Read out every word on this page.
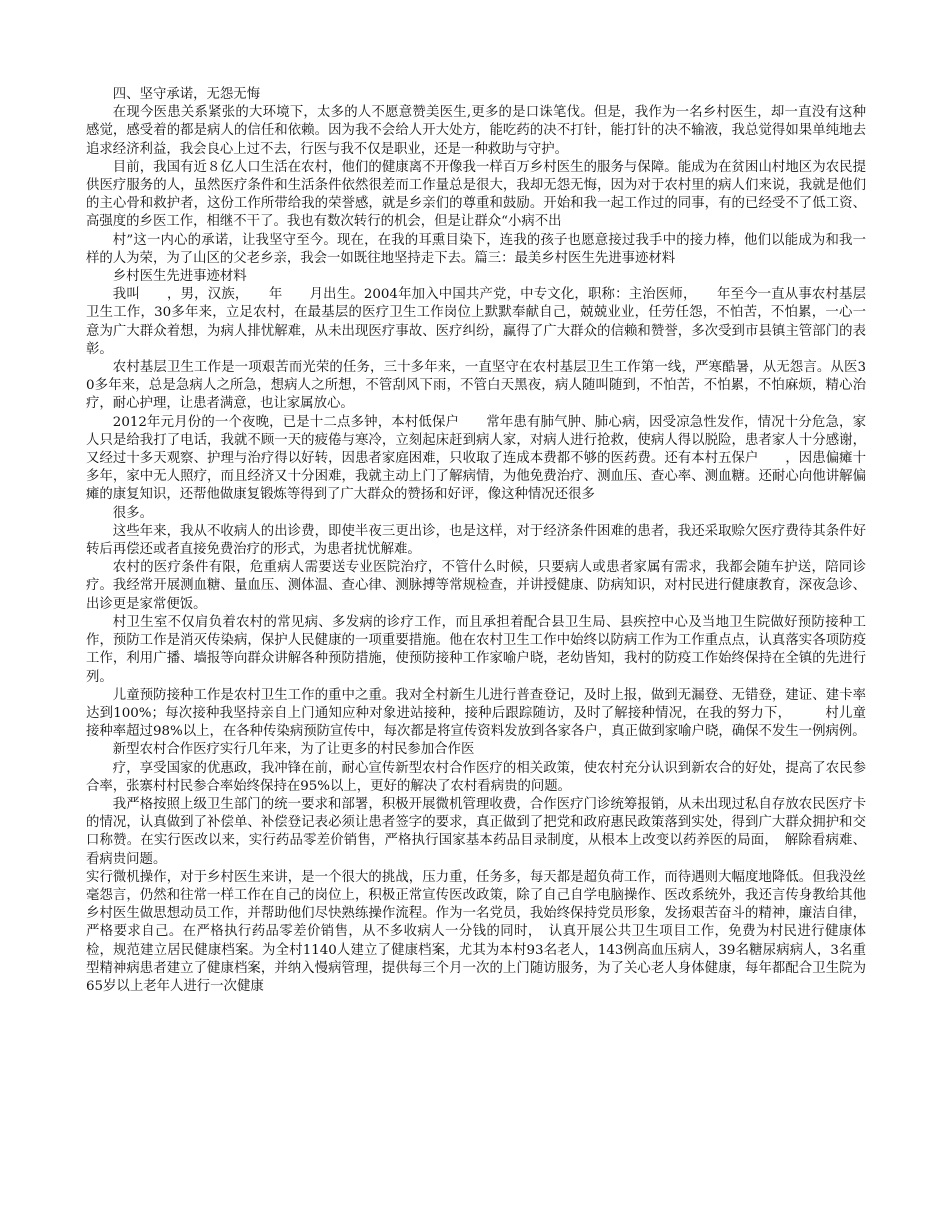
四、坚守承诺，无怨无悔

在现今医患关系紧张的大环境下，太多的人不愿意赞美医生,更多的是口诛笔伐。但是，我作为一名乡村医生，却一直没有这种感觉，感受着的都是病人的信任和依赖。因为我不会给人开大处方，能吃药的决不打针，能打针的决不输液，我总觉得如果单纯地去追求经济利益，我会良心上过不去，行医与我不仅是职业，还是一种救助与守护。

目前，我国有近８亿人口生活在农村，他们的健康离不开像我一样百万乡村医生的服务与保障。能成为在贫困山村地区为农民提供医疗服务的人，虽然医疗条件和生活条件依然很差而工作量总是很大，我却无怨无悔，因为对于农村里的病人们来说，我就是他们的主心骨和救护者，这份工作所带给我的荣誉感，就是乡亲们的尊重和鼓励。开始和我一起工作过的同事，有的已经受不了低工资、高强度的乡医工作，相继不干了。我也有数次转行的机会，但是让群众“小病不出

村”这一内心的承诺，让我坚守至今。现在，在我的耳熏目染下，连我的孩子也愿意接过我手中的接力棒，他们以能成为和我一样的人为荣，为了山区的父老乡亲，我会一如既往地坚持走下去。篇三：最美乡村医生先进事迹材料

乡村医生先进事迹材料

我叫　　，男，汉族，　　年　　月出生。2004年加入中国共产党，中专文化，职称：主治医师，　　年至今一直从事农村基层卫生工作，30多年来，立足农村，在最基层的医疗卫生工作岗位上默默奉献自己，兢兢业业，任劳任怨，不怕苦，不怕累，一心一意为广大群众着想，为病人排忧解难，从未出现医疗事故、医疗纠纷，赢得了广大群众的信赖和赞誉，多次受到市县镇主管部门的表彰。

农村基层卫生工作是一项艰苦而光荣的任务，三十多年来，一直坚守在农村基层卫生工作第一线，严寒酷暑，从无怨言。从医30多年来，总是急病人之所急，想病人之所想，不管刮风下雨，不管白天黑夜，病人随叫随到，不怕苦，不怕累，不怕麻烦，精心治疗，耐心护理，让患者满意，也让家属放心。

2012年元月份的一个夜晚，已是十二点多钟，本村低保户　　常年患有肺气肿、肺心病，因受凉急性发作，情况十分危急，家人只是给我打了电话，我就不顾一天的疲倦与寒冷，立刻起床赶到病人家，对病人进行抢救，使病人得以脱险，患者家人十分感谢，又经过十多天观察、护理与治疗得以好转，因患者家庭困难，只收取了连成本费都不够的医药费。还有本村五保户　　，因患偏瘫十多年，家中无人照疗，而且经济又十分困难，我就主动上门了解病情，为他免费治疗、测血压、查心率、测血糖。还耐心向他讲解偏瘫的康复知识，还帮他做康复锻炼等得到了广大群众的赞扬和好评，像这种情况还很多

很多。

这些年来，我从不收病人的出诊费，即使半夜三更出诊，也是这样，对于经济条件困难的患者，我还采取赊欠医疗费待其条件好转后再偿还或者直接免费治疗的形式，为患者扰忧解难。

农村的医疗条件有限，危重病人需要送专业医院治疗，不管什么时候，只要病人或患者家属有需求，我都会随车护送，陪同诊疗。我经常开展测血糖、量血压、测体温、查心律、测脉搏等常规检查，并讲授健康、防病知识，对村民进行健康教育，深夜急诊、出诊更是家常便饭。

村卫生室不仅肩负着农村的常见病、多发病的诊疗工作，而且承担着配合县卫生局、县疾控中心及当地卫生院做好预防接种工作，预防工作是消灭传染病，保护人民健康的一项重要措施。他在农村卫生工作中始终以防病工作为工作重点点，认真落实各项防疫工作，利用广播、墙报等向群众讲解各种预防措施，使预防接种工作家喻户晓，老幼皆知，我村的防疫工作始终保持在全镇的先进行列。

儿童预防接种工作是农村卫生工作的重中之重。我对全村新生儿进行普查登记，及时上报，做到无漏登、无错登，建证、建卡率达到100%；每次接种我坚持亲自上门通知应种对象进站接种，接种后跟踪随访，及时了解接种情况，在我的努力下，　　　村儿童接种率超过98%以上，在各种传染病预防宣传中，每次都是将宣传资料发放到各家各户，真正做到家喻户晓，确保不发生一例病例。

新型农村合作医疗实行几年来，为了让更多的村民参加合作医

疗，享受国家的优惠政，我冲锋在前，耐心宣传新型农村合作医疗的相关政策，使农村充分认识到新农合的好处，提高了农民参合率，张寨村村民参合率始终保持在95%以上，更好的解决了农村看病贵的问题。

我严格按照上级卫生部门的统一要求和部署，积极开展微机管理收费，合作医疗门诊统筹报销，从未出现过私自存放农民医疗卡的情况，认真做到了补偿单、补偿登记表必须让患者签字的要求，真正做到了把党和政府惠民政策落到实处，得到广大群众拥护和交口称赞。在实行医改以来，实行药品零差价销售，严格执行国家基本药品目录制度，从根本上改变以药养医的局面，　解除看病难、看病贵问题。

实行微机操作，对于乡村医生来讲，是一个很大的挑战，压力重，任务多，每天都是超负荷工作，而待遇则大幅度地降低。但我没丝毫怨言，仍然和往常一样工作在自己的岗位上，积极正常宣传医改政策，除了自己自学电脑操作、医改系统外，我还言传身教给其他乡村医生做思想动员工作，并帮助他们尽快熟练操作流程。作为一名党员，我始终保持党员形象，发扬艰苦奋斗的精神，廉洁自律，严格要求自己。在严格执行药品零差价销售，从不多收病人一分钱的同时，　认真开展公共卫生项目工作，免费为村民进行健康体检，规范建立居民健康档案。为全村1140人建立了健康档案，尤其为本村93名老人，143例高血压病人，39名糖尿病病人，3名重型精神病患者建立了健康档案，并纳入慢病管理，提供每三个月一次的上门随访服务，为了关心老人身体健康，每年都配合卫生院为65岁以上老年人进行一次健康
